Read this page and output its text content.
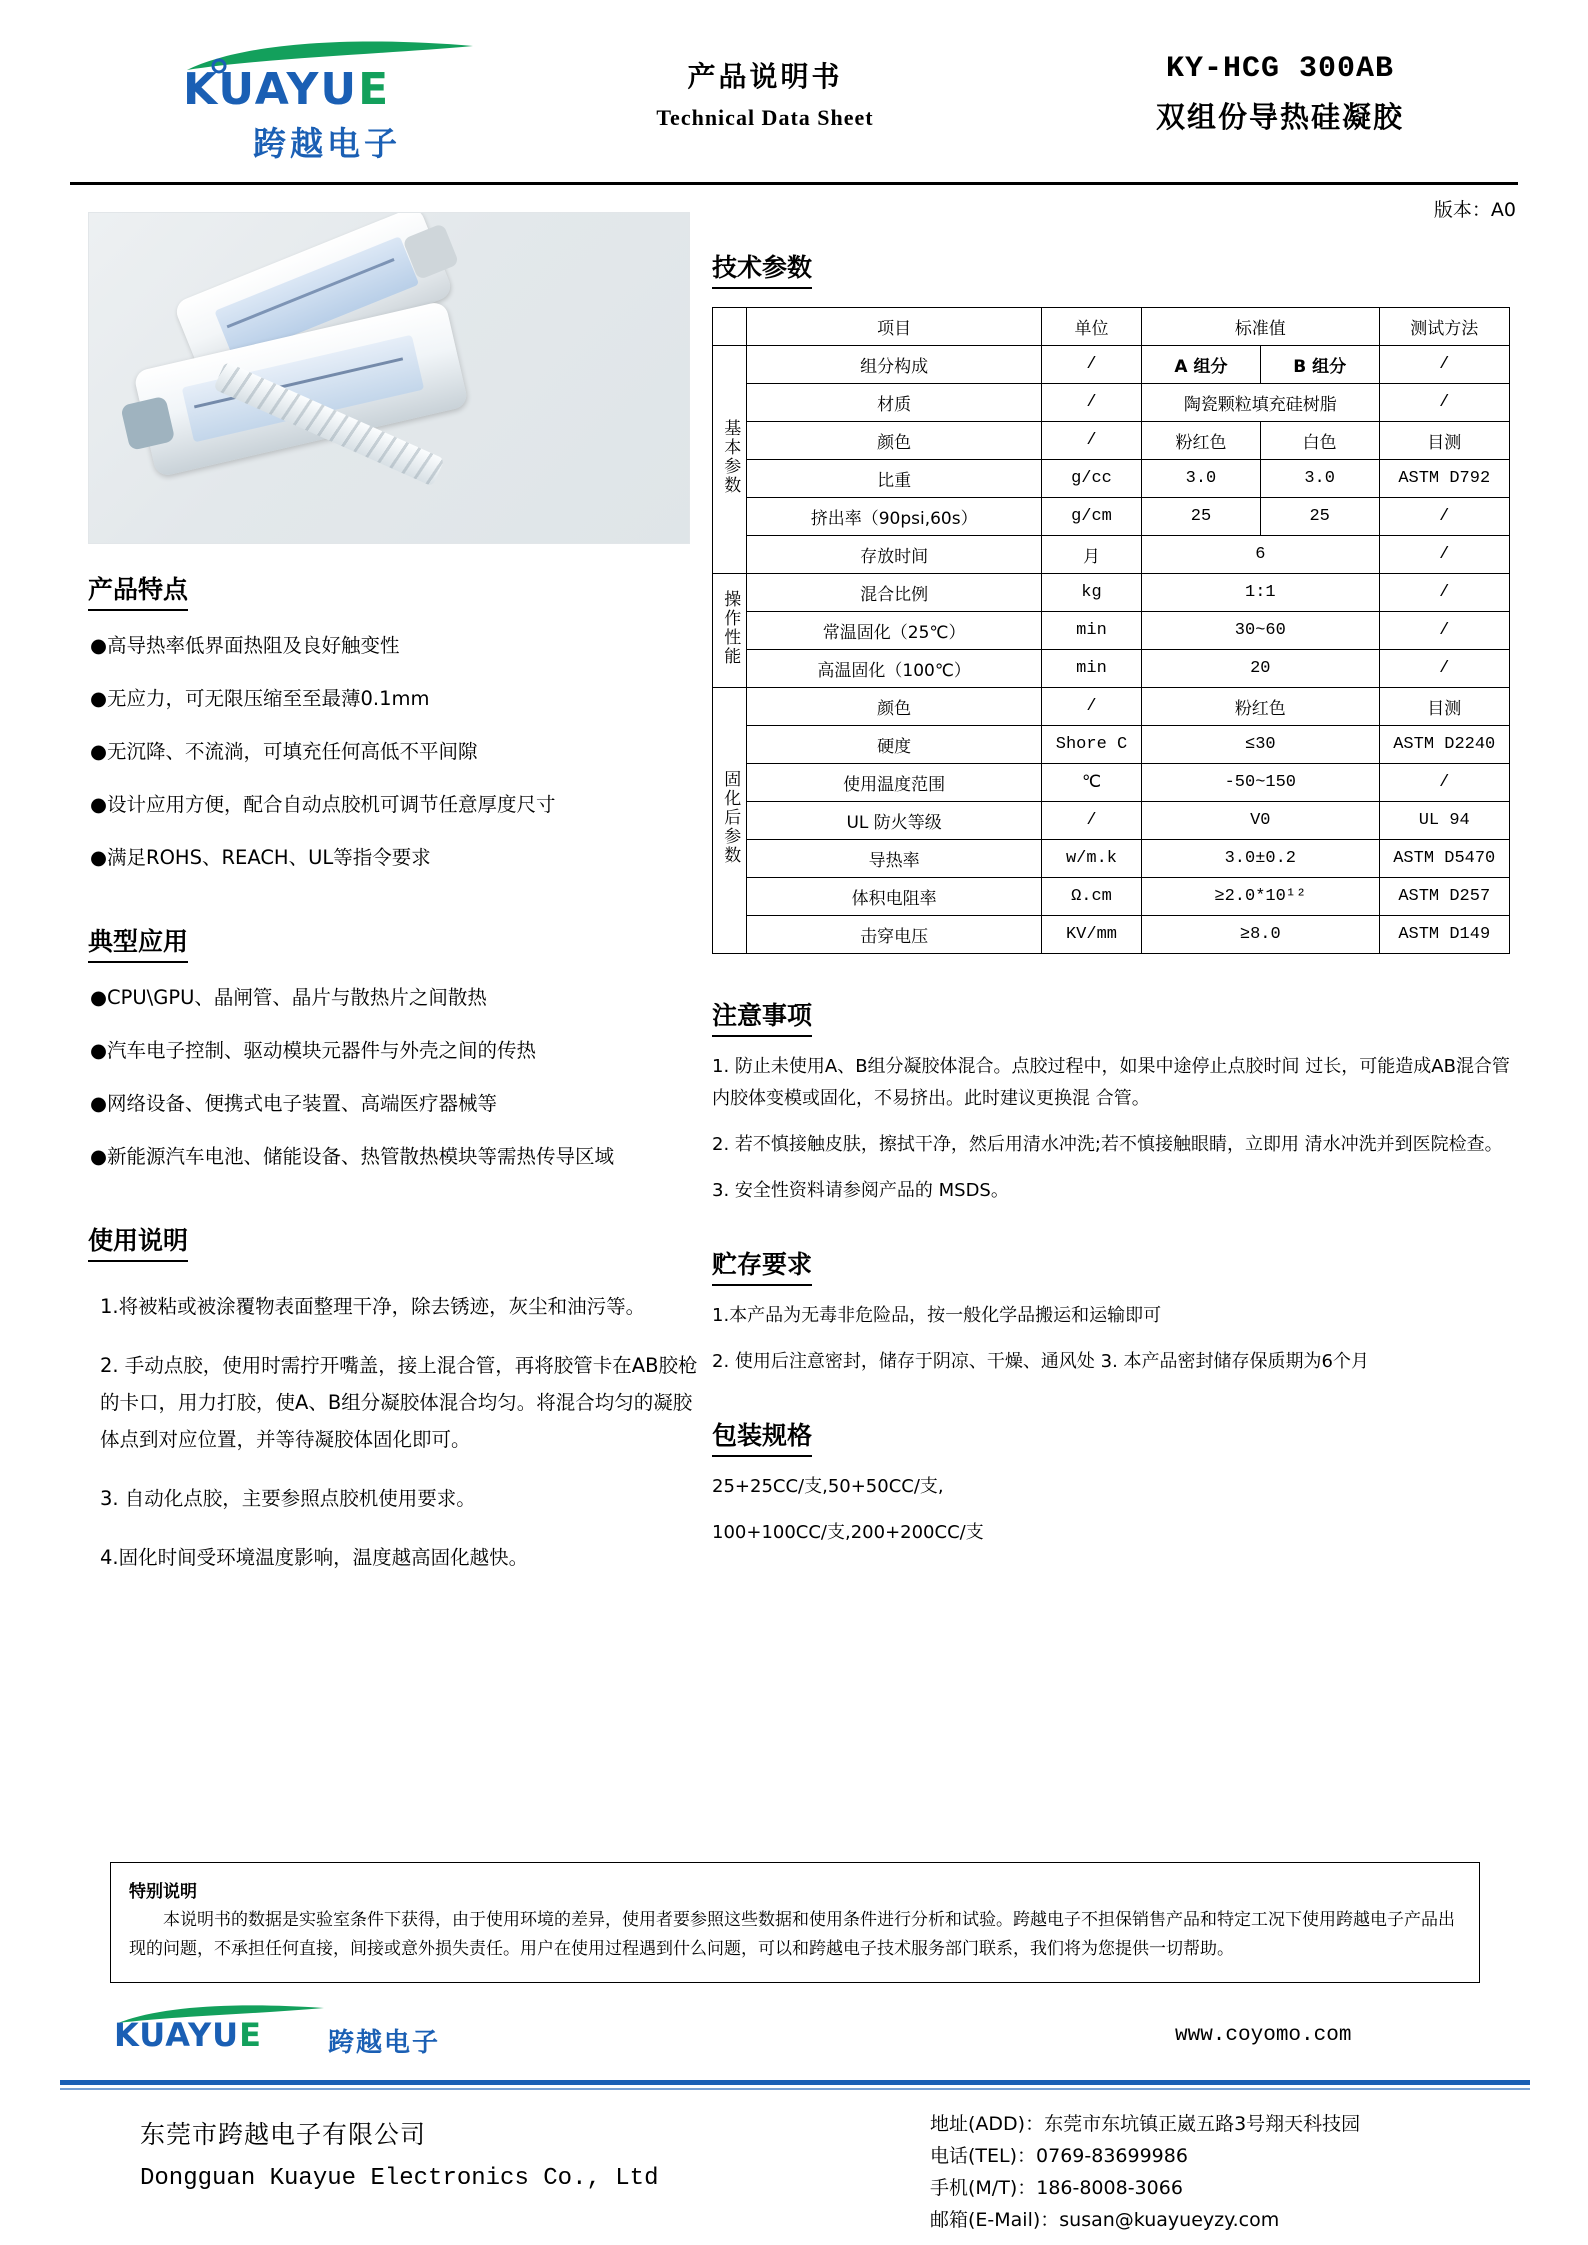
KUAYUE
跨越电子
产品说明书
Technical Data Sheet
KY-HCG 300AB
双组份导热硅凝胶
版本：A0
产品特点
●高导热率低界面热阻及良好触变性
●无应力，可无限压缩至至最薄0.1mm
●无沉降、不流淌，可填充任何高低不平间隙
●设计应用方便，配合自动点胶机可调节任意厚度尺寸
●满足ROHS、REACH、UL等指令要求
典型应用
●CPU\GPU、晶闸管、晶片与散热片之间散热
●汽车电子控制、驱动模块元器件与外壳之间的传热
●网络设备、便携式电子装置、高端医疗器械等
●新能源汽车电池、储能设备、热管散热模块等需热传导区域
使用说明
1.将被粘或被涂覆物表面整理干净，除去锈迹，灰尘和油污等。
2. 手动点胶，使用时需拧开嘴盖，接上混合管，再将胶管卡在AB胶枪的卡口，用力打胶，使A、B组分凝胶体混合均匀。将混合均匀的凝胶体点到对应位置，并等待凝胶体固化即可。
3. 自动化点胶，主要参照点胶机使用要求。
4.固化时间受环境温度影响，温度越高固化越快。
技术参数
	项目	单位	标准值		测试方法
基本参数	组分构成	/	A 组分	B 组分	/
	材质	/	陶瓷颗粒填充硅树脂		/
	颜色	/	粉红色	白色	目测
	比重	g/cc	3.0	3.0	ASTM D792
	挤出率（90psi,60s）	g/cm	25	25	/
	存放时间	月	6		/
操作性能	混合比例	kg	1:1		/
	常温固化（25℃）	min	30~60		/
	高温固化（100℃）	min	20		/
固化后参数	颜色	/	粉红色		目测
	硬度	Shore C	≤30		ASTM D2240
	使用温度范围	℃	-50~150		/
	UL 防火等级	/	V0		UL 94
	导热率	w/m.k	3.0±0.2		ASTM D5470
	体积电阻率	Ω.cm	≥2.0*10¹²		ASTM D257
	击穿电压	KV/mm	≥8.0		ASTM D149
注意事项

1. 防止未使用A、B组分凝胶体混合。点胶过程中，如果中途停止点胶时间 过长，可能造成AB混合管内胶体变模或固化，不易挤出。此时建议更换混 合管。

2. 若不慎接触皮肤，擦拭干净，然后用清水冲洗;若不慎接触眼睛，立即用 清水冲洗并到医院检查。

3. 安全性资料请参阅产品的 MSDS。

贮存要求

1.本产品为无毒非危险品，按一般化学品搬运和运输即可

2. 使用后注意密封，储存于阴凉、干燥、通风处 3. 本产品密封储存保质期为6个月

包装规格

25+25CC/支,50+50CC/支,

100+100CC/支,200+200CC/支

特别说明
本说明书的数据是实验室条件下获得，由于使用环境的差异，使用者要参照这些数据和使用条件进行分析和试验。跨越电子不担保销售产品和特定工况下使用跨越电子产品出现的问题，不承担任何直接，间接或意外损失责任。用户在使用过程遇到什么问题，可以和跨越电子技术服务部门联系，我们将为您提供一切帮助。
KUAYUE	跨越电子	www.coyomo.com
东莞市跨越电子有限公司
Dongguan Kuayue Electronics Co., Ltd
地址(ADD)：东莞市东坑镇正崴五路3号翔天科技园
电话(TEL)：0769-83699986
手机(M/T)：186-8008-3066
邮箱(E-Mail)：susan@kuayueyzy.com
